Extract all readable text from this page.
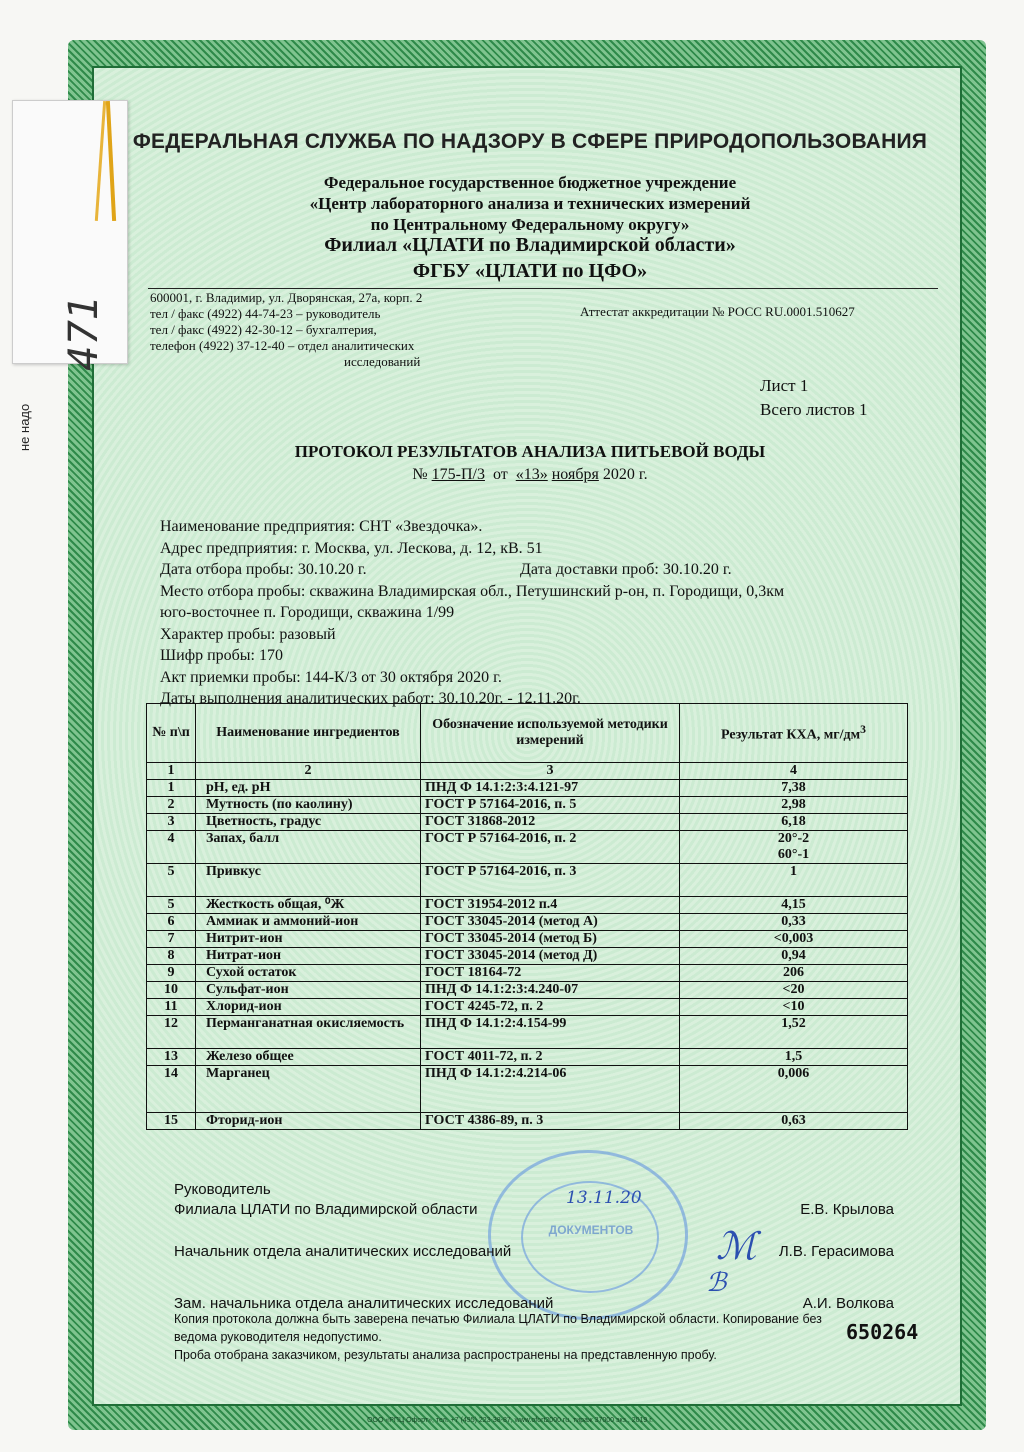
ООО «РПЦ Офорт», тел. +7 (495) 223-38-87, www.ofort2000.ru, тираж 37000 экз., 2019 г.
не надо
471
ФЕДЕРАЛЬНАЯ СЛУЖБА ПО НАДЗОРУ В СФЕРЕ ПРИРОДОПОЛЬЗОВАНИЯ
Федеральное государственное бюджетное учреждение
«Центр лабораторного анализа и технических измерений
по Центральному Федеральному округу»
Филиал «ЦЛАТИ по Владимирской области»
ФГБУ «ЦЛАТИ по ЦФО»
600001, г. Владимир, ул. Дворянская, 27а, корп. 2
тел / факс (4922) 44-74-23 – руководитель
тел / факс (4922) 42-30-12 – бухгалтерия,
телефон (4922) 37-12-40 – отдел аналитических
исследований
Аттестат аккредитации № РОСС RU.0001.510627
Лист 1
Всего листов 1
ПРОТОКОЛ РЕЗУЛЬТАТОВ АНАЛИЗА ПИТЬЕВОЙ ВОДЫ
№ 175-П/3 от «13» ноября 2020 г.
Наименование предприятия: СНТ «Звездочка».
Адрес предприятия: г. Москва, ул. Лескова, д. 12, кВ. 51
Дата отбора пробы: 30.10.20 г.	Дата доставки проб: 30.10.20 г.
Место отбора пробы: скважина Владимирская обл., Петушинский р-он, п. Городищи, 0,3км
юго-восточнее п. Городищи, скважина 1/99
Характер пробы: разовый
Шифр пробы: 170
Акт приемки пробы: 144-К/3 от 30 октября 2020 г.
Даты выполнения аналитических работ: 30.10.20г. - 12.11.20г.
№ п\п	Наименование ингредиентов	Обозначение используемой методики измерений	Результат КХА, $мг/дм^3$
1	2	3	4
1	pH, ед. pH	ПНД Ф 14.1:2:3:4.121-97	7,38
2	Мутность (по каолину)	ГОСТ Р 57164-2016, п. 5	2,98
3	Цветность, градус	ГОСТ 31868-2012	6,18
4	Запах, балл	ГОСТ Р 57164-2016, п. 2	20°-2
60°-1

5	Привкус	ГОСТ Р 57164-2016, п. 3	1
5	Жесткость общая, ⁰Ж	ГОСТ 31954-2012 п.4	4,15
6	Аммиак и аммоний-ион	ГОСТ 33045-2014 (метод А)	0,33
7	Нитрит-ион	ГОСТ 33045-2014 (метод Б)	<0,003
8	Нитрат-ион	ГОСТ 33045-2014 (метод Д)	0,94
9	Сухой остаток	ГОСТ 18164-72	206
10	Сульфат-ион	ПНД Ф 14.1:2:3:4.240-07	<20
11	Хлорид-ион	ГОСТ 4245-72, п. 2	<10
12	Перманганатная окисляемость	ПНД Ф 14.1:2:4.154-99	1,52
13	Железо общее	ГОСТ 4011-72, п. 2	1,5
14	Марганец	ПНД Ф 14.1:2:4.214-06	0,006
15	Фторид-ион	ГОСТ 4386-89, п. 3	0,63
ДОКУМЕНТОВ
13.11.20
ℳ
ℬ
Руководитель
Филиала ЦЛАТИ по Владимирской области	Е.В. Крылова
Начальник отдела аналитических исследований	Л.В. Герасимова
Зам. начальника отдела аналитических исследований	А.И. Волкова
Копия протокола должна быть заверена печатью Филиала ЦЛАТИ по Владимирской области. Копирование без ведома руководителя недопустимо.
Проба отобрана заказчиком, результаты анализа распространены на представленную пробу.
650264
